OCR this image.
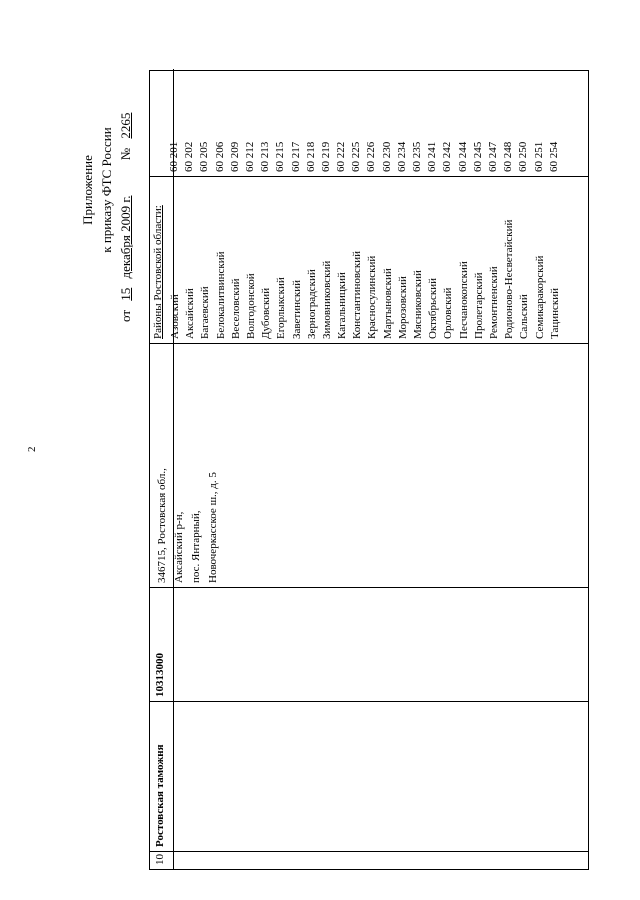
2
Приложение к приказу ФТС России
от 15 декабря 2009 г. № 2265
10
Ростовская таможня
10313000
346715, Ростовская обл., Аксайский р-н, пос. Янтарный, Новочеркасское ш., д. 5
Районы Ростовской области: Азовский Аксайский Багаевский Белокалитвинский Веселовский Волгодонской Дубовский Егорлыкский Заветинский Зерноградский Зимовниковский Кагальницкий Константиновский Красносулинский Мартыновский Морозовский Мясниковский Октябрьский Орловский Песчанокопский Пролетарский Ремонтненский Родионово-Несветайский Сальский Семикаракорский Тацинский
60 201 60 202 60 205 60 206 60 209 60 212 60 213 60 215 60 217 60 218 60 219 60 222 60 225 60 226 60 230 60 234 60 235 60 241 60 242 60 244 60 245 60 247 60 248 60 250 60 251 60 254
